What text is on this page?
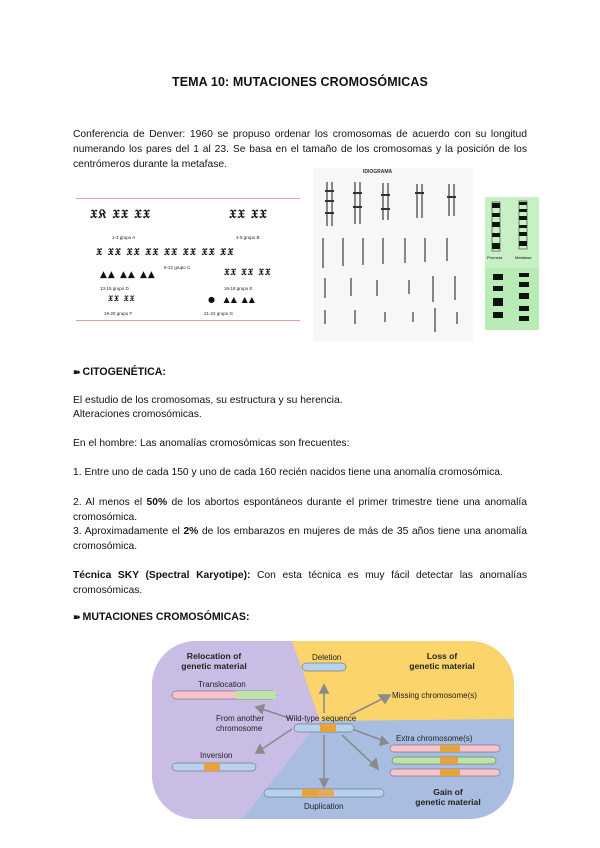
TEMA 10: MUTACIONES CROMOSÓMICAS
Conferencia de Denver: 1960 se propuso ordenar los cromosomas de acuerdo con su longitud numerando los pares del 1 al 23. Se basa en el tamaño de los cromosomas y la posición de los centrómeros durante la metafase.
𝔛𝔎 𝔛𝔛 𝔛𝔛	𝔛𝔛 𝔛𝔛
1-3 grupo A	4-5 grupo B
𝔛 𝔛𝔛 𝔛𝔛 𝔛𝔛 𝔛𝔛 𝔛𝔛 𝔛𝔛 𝔛𝔛
6-12 grupo C
▲▲ ▲▲ ▲▲	𝔛𝔛 𝔛𝔛 𝔛𝔛
13-15 grupo D	16-18 grupo E
𝔛𝔛 𝔛𝔛	●  ▲▲ ▲▲
19-20 grupo F	21-22 grupo G
IDIOGRAMA
Prometa	Metafase
➽ CITOGENÉTICA:
El estudio de los cromosomas, su estructura y su herencia.
Alteraciones cromosómicas.
En el hombre: Las anomalías cromosómicas son frecuentes:
1. Entre uno de cada 150 y uno de cada 160 recién nacidos tiene una anomalía cromosómica.
2. Al menos el 50% de los abortos espontáneos durante el primer trimestre tiene una anomalía cromosómica.
3. Aproximadamente el 2% de los embarazos en mujeres de más de 35 años tiene una anomalía cromosómica.
Técnica SKY (Spectral Karyotipe): Con esta técnica es muy fácil detectar las anomalías cromosómicas.
➽ MUTACIONES CROMOSÓMICAS:
Relocation of
genetic material
Translocation
From another
chromosome
Inversion
Deletion	Loss of
genetic material
Missing chromosome(s)
Wild-type sequence
Extra chromosome(s)
Duplication
Gain of
genetic material
